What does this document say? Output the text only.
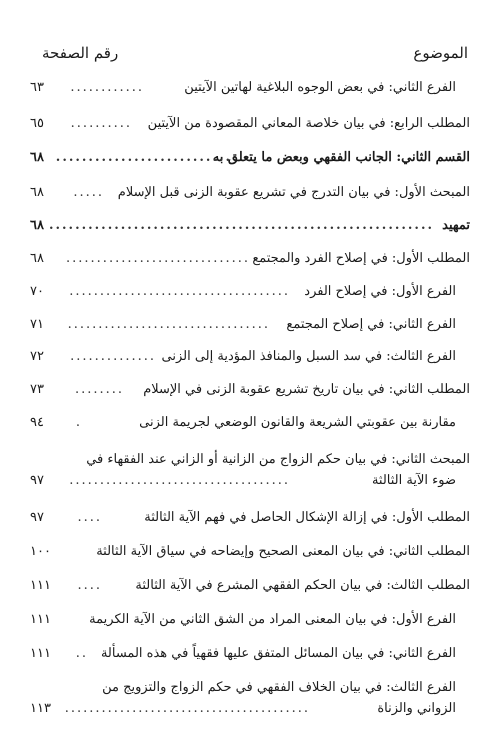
الموضوع
رقم الصفحة
الفرع الثاني: في بعض الوجوه البلاغية لهاتين الآيتين
............
٦٣
المطلب الرابع: في بيان خلاصة المعاني المقصودة من الآيتين
..........
٦٥
القسم الثاني: الجانب الفقهي وبعض ما يتعلق به
...........................
٦٨
المبحث الأول: في بيان التدرج في تشريع عقوبة الزنى قبل الإسلام
.....
٦٨
تمهيد
...........................................................
٦٨
المطلب الأول: في إصلاح الفرد والمجتمع
..............................
٦٨
الفرع الأول: في إصلاح الفرد
....................................
٧٠
الفرع الثاني: في إصلاح المجتمع
.................................
٧١
الفرع الثالث: في سد السبل والمنافذ المؤدية إلى الزنى
..............
٧٢
المطلب الثاني: في بيان تاريخ تشريع عقوبة الزنى في الإسلام
........
٧٣
مقارنة بين عقوبتي الشريعة والقانون الوضعي لجريمة الزنى
.
٩٤
المبحث الثاني: في بيان حكم الزواج من الزانية أو الزاني عند الفقهاء في
ضوء الآية الثالثة
....................................
٩٧
المطلب الأول: في إزالة الإشكال الحاصل في فهم الآية الثالثة
....
٩٧
المطلب الثاني: في بيان المعنى الصحيح وإيضاحه في سياق الآية الثالثة
١٠٠
المطلب الثالث: في بيان الحكم الفقهي المشرع في الآية الثالثة
....
١١١
الفرع الأول: في بيان المعنى المراد من الشق الثاني من الآية الكريمة
١١١
الفرع الثاني: في بيان المسائل المتفق عليها فقهياً في هذه المسألة
..
١١١
الفرع الثالث: في بيان الخلاف الفقهي في حكم الزواج والتزويج من
الزواني والزناة
........................................
١١٣
